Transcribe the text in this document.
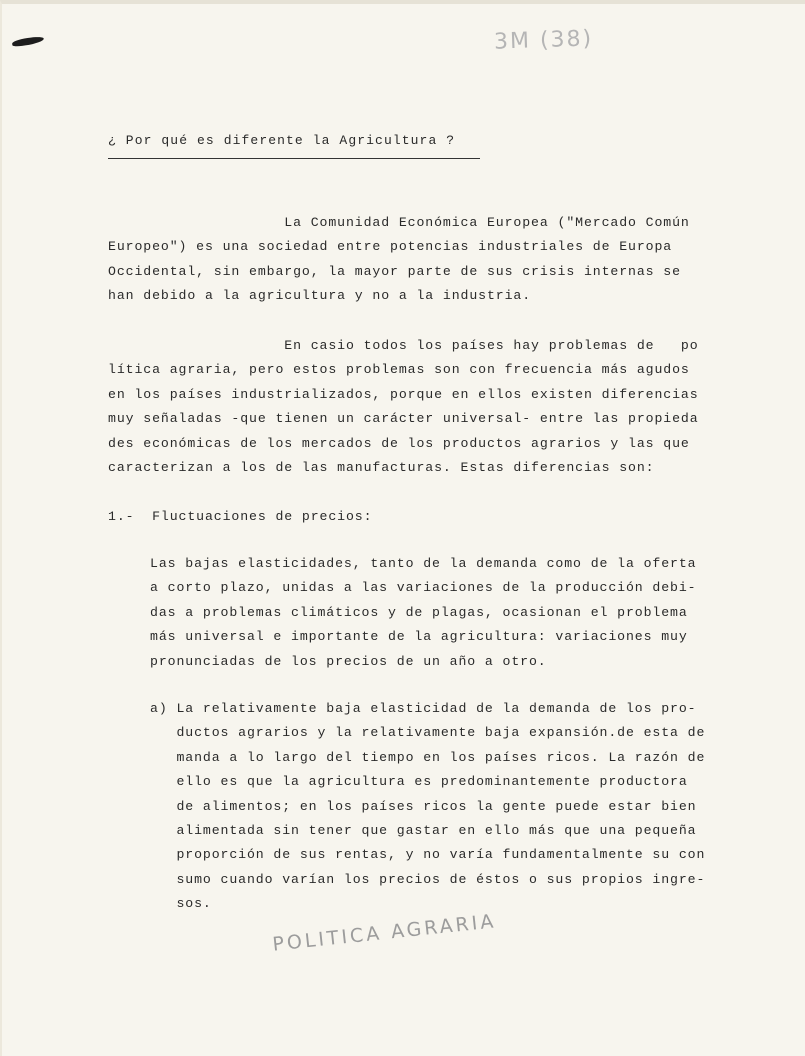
3M (38)
¿ Por qué es diferente la Agricultura ?

La Comunidad Económica Europea ("Mercado Común
Europeo") es una sociedad entre potencias industriales de Europa
Occidental, sin embargo, la mayor parte de sus crisis internas se
han debido a la agricultura y no a la industria.

En casio todos los países hay problemas de   po
lítica agraria, pero estos problemas son con frecuencia más agudos
en los países industrializados, porque en ellos existen diferencias
muy señaladas -que tienen un carácter universal- entre las propieda
des económicas de los mercados de los productos agrarios y las que
caracterizan a los de las manufacturas. Estas diferencias son:

1.-  Fluctuaciones de precios:

Las bajas elasticidades, tanto de la demanda como de la oferta
a corto plazo, unidas a las variaciones de la producción debi-
das a problemas climáticos y de plagas, ocasionan el problema
más universal e importante de la agricultura: variaciones muy
pronunciadas de los precios de un año a otro.

a) La relativamente baja elasticidad de la demanda de los pro-
ductos agrarios y la relativamente baja expansión.de esta de
manda a lo largo del tiempo en los países ricos. La razón de
ello es que la agricultura es predominantemente productora
de alimentos; en los países ricos la gente puede estar bien
alimentada sin tener que gastar en ello más que una pequeña
proporción de sus rentas, y no varía fundamentalmente su con
sumo cuando varían los precios de éstos o sus propios ingre-
sos.

POLITICA AGRARIA
